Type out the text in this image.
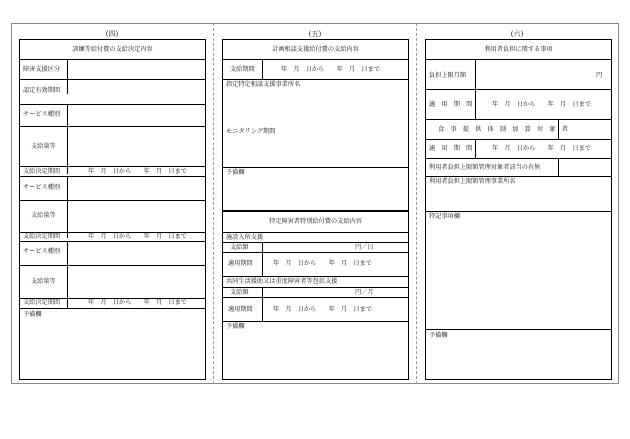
(四)	(五)	(六)
訓練等給付費の支給決定内容
障害支援区分
認定有効期間
サービス種別
支給量等
支給決定期間	年　月　日から　　年　月　日まで
サービス種別
支給量等
支給決定期間	年　月　日から　　年　月　日まで
サービス種別
支給量等
支給決定期間	年　月　日から　　年　月　日まで
予備欄
計画相談支援給付費の支給内容
支給期間	年　月　日から　　年　月　日まで
指定特定相談支援事業所名
モニタリング期間
予備欄
特定障害者特別給付費の支給内容
施設入所支援
支給額	円／日
適用期間	年　月　日から　　年　月　日まで
共同生活援助又は重度障害者等包括支援
支給額	円／月
適用期間	年　月　日から　　年　月　日まで
予備欄
利用者負担に関する事項
負担上限月額	円
適　用　期　間	年　月　日から　　年　月　日まで
食　事　提　供　体　制　加　算　対　象　者
適　用　期　間	年　月　日から　　年　月　日まで
利用者負担上限額管理対象者該当の有無
利用者負担上限額管理事業所名
特記事項欄
予備欄
